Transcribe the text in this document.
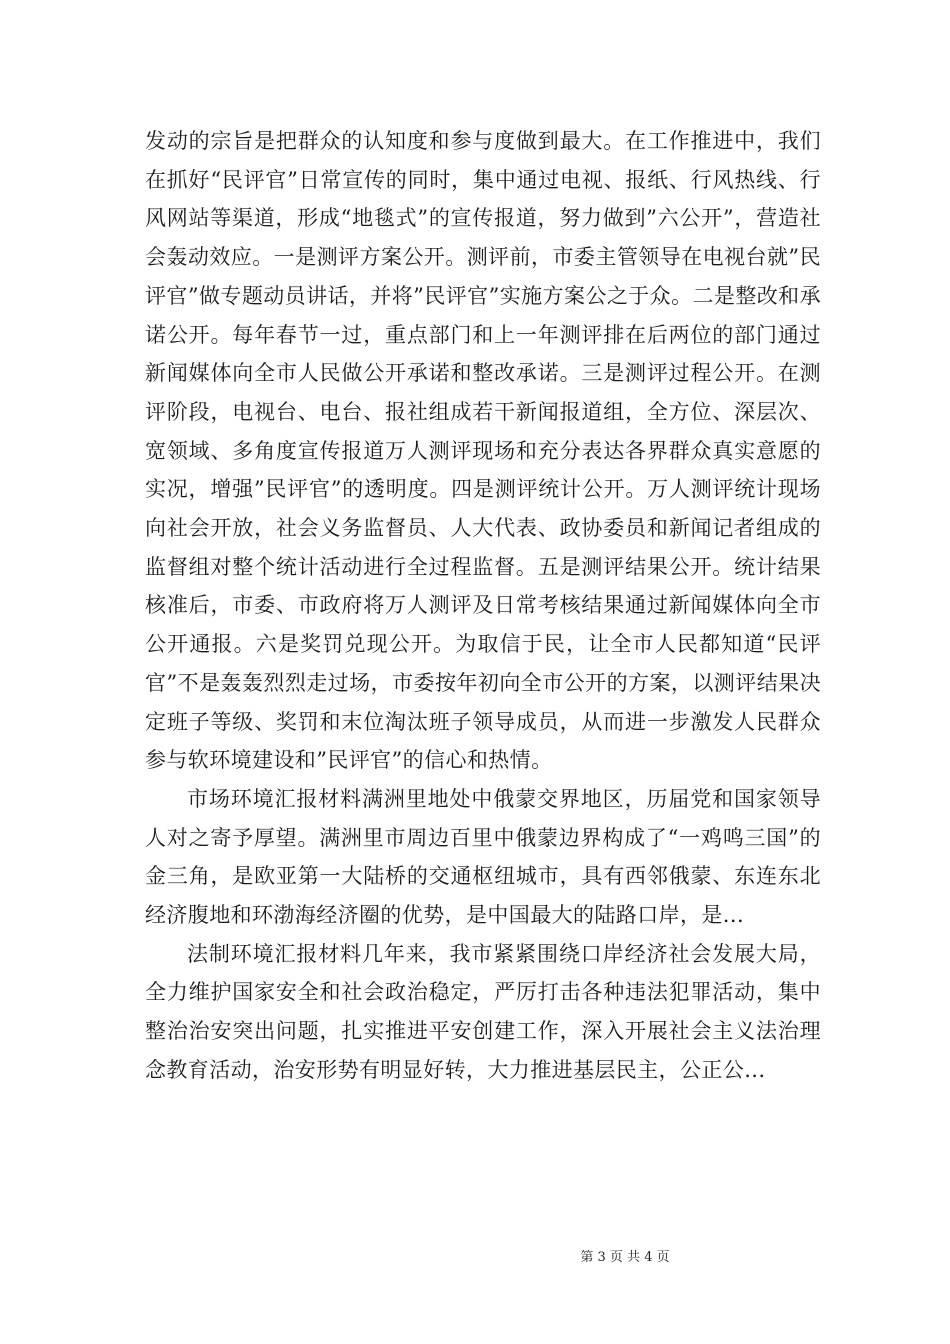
发动的宗旨是把群众的认知度和参与度做到最大。在工作推进中，我们在抓好“民评官”日常宣传的同时，集中通过电视、报纸、行风热线、行风网站等渠道，形成“地毯式”的宣传报道，努力做到”六公开”，营造社会轰动效应。一是测评方案公开。测评前，市委主管领导在电视台就”民评官”做专题动员讲话，并将”民评官”实施方案公之于众。二是整改和承诺公开。每年春节一过，重点部门和上一年测评排在后两位的部门通过新闻媒体向全市人民做公开承诺和整改承诺。三是测评过程公开。在测评阶段，电视台、电台、报社组成若干新闻报道组，全方位、深层次、宽领域、多角度宣传报道万人测评现场和充分表达各界群众真实意愿的实况，增强”民评官”的透明度。四是测评统计公开。万人测评统计现场向社会开放，社会义务监督员、人大代表、政协委员和新闻记者组成的监督组对整个统计活动进行全过程监督。五是测评结果公开。统计结果核准后，市委、市政府将万人测评及日常考核结果通过新闻媒体向全市公开通报。六是奖罚兑现公开。为取信于民，让全市人民都知道“民评官”不是轰轰烈烈走过场，市委按年初向全市公开的方案，以测评结果决定班子等级、奖罚和末位淘汰班子领导成员，从而进一步激发人民群众参与软环境建设和”民评官”的信心和热情。

市场环境汇报材料满洲里地处中俄蒙交界地区，历届党和国家领导人对之寄予厚望。满洲里市周边百里中俄蒙边界构成了“一鸡鸣三国”的金三角，是欧亚第一大陆桥的交通枢纽城市，具有西邻俄蒙、东连东北经济腹地和环渤海经济圈的优势，是中国最大的陆路口岸，是...

法制环境汇报材料几年来，我市紧紧围绕口岸经济社会发展大局，全力维护国家安全和社会政治稳定，严厉打击各种违法犯罪活动，集中整治治安突出问题，扎实推进平安创建工作，深入开展社会主义法治理念教育活动，治安形势有明显好转，大力推进基层民主，公正公...

第 3 页 共 4 页
